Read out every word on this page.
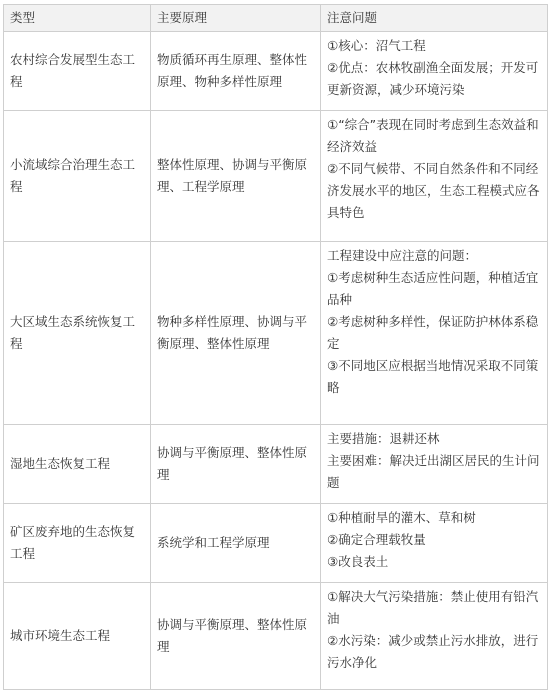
类型	主要原理	注意问题
农村综合发展型生态工程	物质循环再生原理、整体性原理、物种多样性原理	①核心：沼气工程
②优点：农林牧副渔全面发展；开发可更新资源，减少环境污染

小流域综合治理生态工程	整体性原理、协调与平衡原理、工程学原理	①“综合”表现在同时考虑到生态效益和经济效益
②不同气候带、不同自然条件和不同经济发展水平的地区，生态工程模式应各具特色

大区域生态系统恢复工程	物种多样性原理、协调与平衡原理、整体性原理	工程建设中应注意的问题：
①考虑树种生态适应性问题，种植适宜品种
②考虑树种多样性，保证防护林体系稳定
③不同地区应根据当地情况采取不同策略

湿地生态恢复工程	协调与平衡原理、整体性原理	主要措施：退耕还林
主要困难：解决迁出湖区居民的生计问题

矿区废弃地的生态恢复工程	系统学和工程学原理	①种植耐旱的灌木、草和树
②确定合理载牧量
③改良表土

城市环境生态工程	协调与平衡原理、整体性原理	①解决大气污染措施：禁止使用有铅汽油
②水污染：减少或禁止污水排放，进行污水净化
